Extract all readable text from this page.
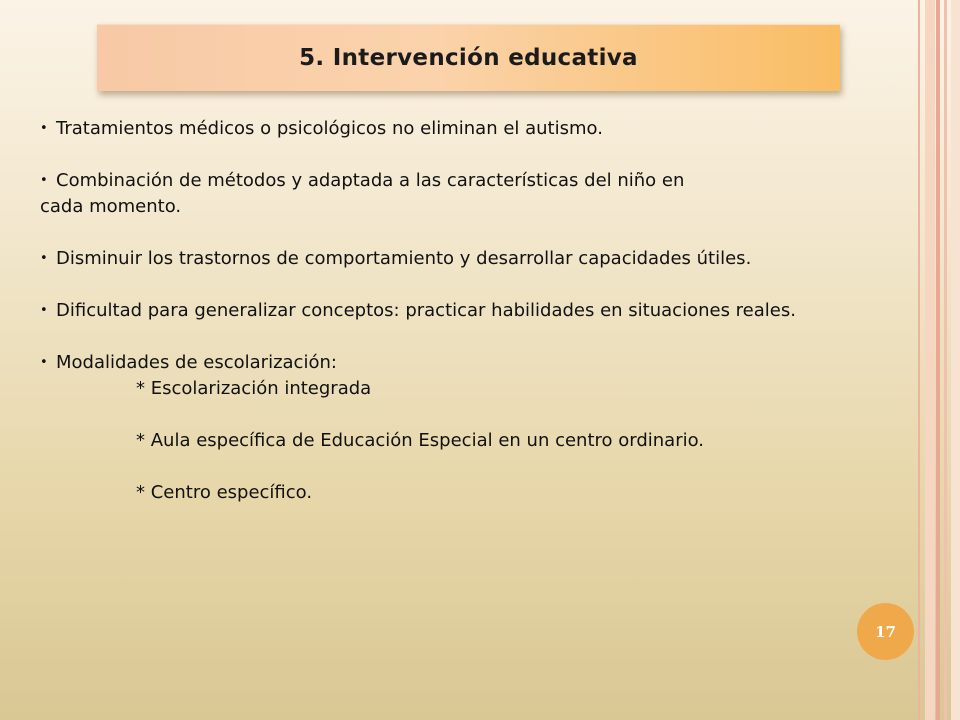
5. Intervención educativa

• Tratamientos médicos o psicológicos no eliminan el autismo.

• Combinación de métodos y adaptada a las características del niño en
cada momento.

• Disminuir los trastornos de comportamiento y desarrollar capacidades útiles.

• Dificultad para generalizar conceptos: practicar habilidades en situaciones reales.

• Modalidades de escolarización:

* Escolarización integrada

* Aula específica de Educación Especial en un centro ordinario.

* Centro específico.

17
